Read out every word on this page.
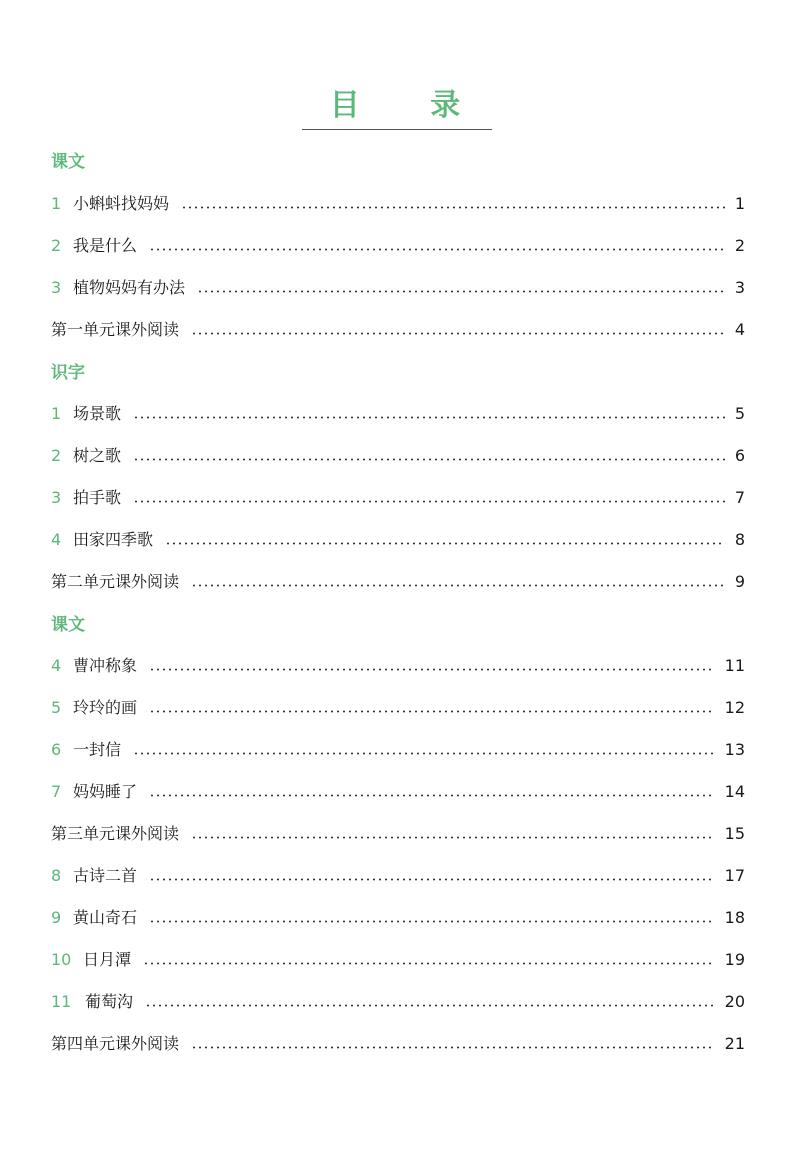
目 录
课文
1 小蝌蚪找妈妈	1
2 我是什么	2
3 植物妈妈有办法	3
第一单元课外阅读	4
识字
1 场景歌	5
2 树之歌	6
3 拍手歌	7
4 田家四季歌	8
第二单元课外阅读	9
课文
4 曹冲称象	11
5 玲玲的画	12
6 一封信	13
7 妈妈睡了	14
第三单元课外阅读	15
8 古诗二首	17
9 黄山奇石	18
10 日月潭	19
11 葡萄沟	20
第四单元课外阅读	21
